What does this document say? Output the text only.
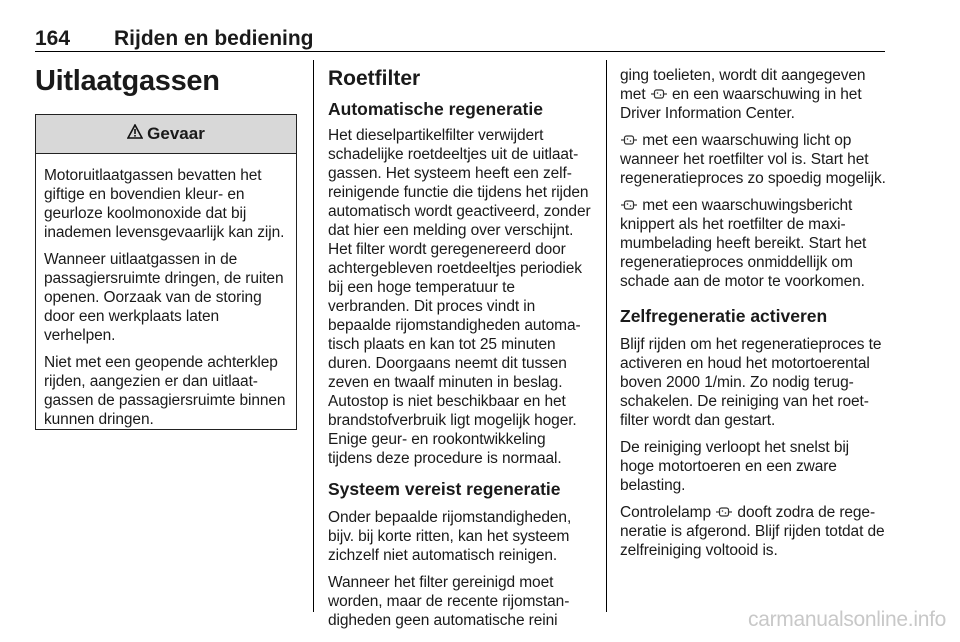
164 Rijden en bediening
Uitlaatgassen
Gevaar

Motoruitlaatgassen bevatten het giftige en bovendien kleur- en geurloze koolmonoxide dat bij inademen levensgevaarlijk kan zijn.

Wanneer uitlaatgassen in de passagiersruimte dringen, de ruiten openen. Oorzaak van de storing door een werkplaats laten verhelpen.

Niet met een geopende achterklep rijden, aangezien er dan uitlaatgassen de passagiersruimte binnen kunnen dringen.

Roetfilter
Automatische regeneratie

Het dieselpartikelfilter verwijdert schadelijke roetdeeltjes uit de uitlaatgassen. Het systeem heeft een zelfreinigende functie die tijdens het rijden automatisch wordt geactiveerd, zonder dat hier een melding over verschijnt. Het filter wordt geregenereerd door achtergebleven roetdeeltjes periodiek bij een hoge temperatuur te verbranden. Dit proces vindt in bepaalde rijomstandigheden automatisch plaats en kan tot 25 minuten duren. Doorgaans neemt dit tussen zeven en twaalf minuten in beslag. Autostop is niet beschikbaar en het brandstofverbruik ligt mogelijk hoger. Enige geur- en rookontwikkeling tijdens deze procedure is normaal.

Systeem vereist regeneratie

Onder bepaalde rijomstandigheden, bijv. bij korte ritten, kan het systeem zichzelf niet automatisch reinigen.

Wanneer het filter gereinigd moet worden, maar de recente rijomstandigheden geen automatische reini

ging toelieten, wordt dit aangegeven met en een waarschuwing in het Driver Information Center.

met een waarschuwing licht op wanneer het roetfilter vol is. Start het regeneratieproces zo spoedig mogelijk.

met een waarschuwingsbericht knippert als het roetfilter de maximumbelading heeft bereikt. Start het regeneratieproces onmiddellijk om schade aan de motor te voorkomen.

Zelfregeneratie activeren

Blijf rijden om het regeneratieproces te activeren en houd het motortoerental boven 2000 1/min. Zo nodig terugschakelen. De reiniging van het roetfilter wordt dan gestart.

De reiniging verloopt het snelst bij hoge motortoeren en een zware belasting.

Controlelamp dooft zodra de regeneratie is afgerond. Blijf rijden totdat de zelfreiniging voltooid is.

carmanualsonline.info
